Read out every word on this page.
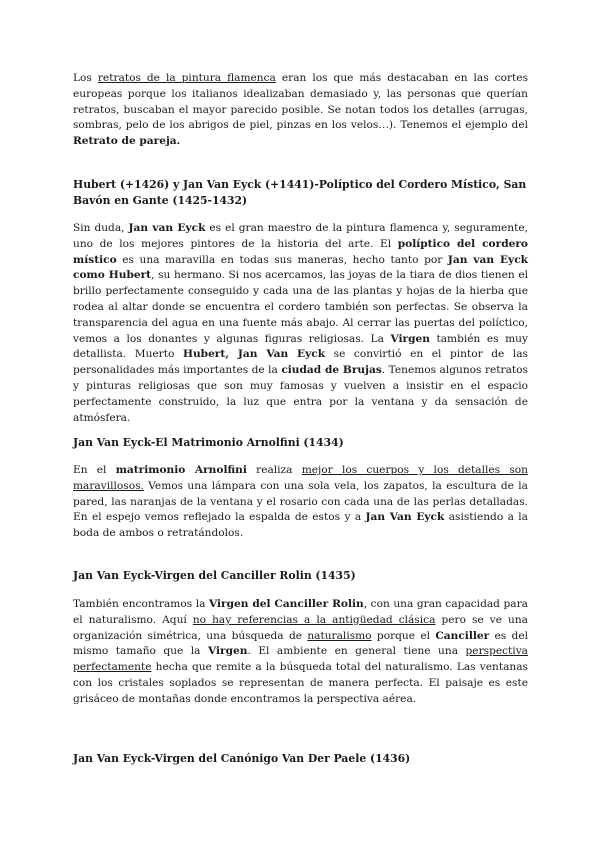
Los retratos de la pintura flamenca eran los que más destacaban en las cortes europeas porque los italianos idealizaban demasiado y, las personas que querían retratos, buscaban el mayor parecido posible. Se notan todos los detalles (arrugas, sombras, pelo de los abrigos de piel, pinzas en los velos…). Tenemos el ejemplo del Retrato de pareja.

Hubert (+1426) y Jan Van Eyck (+1441)-Políptico del Cordero Místico, San Bavón en Gante (1425-1432)

Sin duda, Jan van Eyck es el gran maestro de la pintura flamenca y, seguramente, uno de los mejores pintores de la historia del arte. El políptico del cordero místico es una maravilla en todas sus maneras, hecho tanto por Jan van Eyck como Hubert, su hermano. Si nos acercamos, las joyas de la tiara de dios tienen el brillo perfectamente conseguido y cada una de las plantas y hojas de la hierba que rodea al altar donde se encuentra el cordero también son perfectas. Se observa la transparencia del agua en una fuente más abajo. Al cerrar las puertas del políctico, vemos a los donantes y algunas figuras religiosas. La Virgen también es muy detallista. Muerto Hubert, Jan Van Eyck se convirtió en el pintor de las personalidades más importantes de la ciudad de Brujas. Tenemos algunos retratos y pinturas religiosas que son muy famosas y vuelven a insistir en el espacio perfectamente construido, la luz que entra por la ventana y da sensación de atmósfera.

Jan Van Eyck-El Matrimonio Arnolfini (1434)

En el matrimonio Arnolfini realiza mejor los cuerpos y los detalles son maravillosos. Vemos una lámpara con una sola vela, los zapatos, la escultura de la pared, las naranjas de la ventana y el rosario con cada una de las perlas detalladas. En el espejo vemos reflejado la espalda de estos y a Jan Van Eyck asistiendo a la boda de ambos o retratándolos.

Jan Van Eyck-Virgen del Canciller Rolin (1435)

También encontramos la Virgen del Canciller Rolin, con una gran capacidad para el naturalismo. Aquí no hay referencias a la antigüedad clásica pero se ve una organización simétrica, una búsqueda de naturalismo porque el Canciller es del mismo tamaño que la Virgen. El ambiente en general tiene una perspectiva perfectamente hecha que remite a la búsqueda total del naturalismo. Las ventanas con los cristales soplados se representan de manera perfecta. El paisaje es este grisáceo de montañas donde encontramos la perspectiva aérea.

Jan Van Eyck-Virgen del Canónigo Van Der Paele (1436)
